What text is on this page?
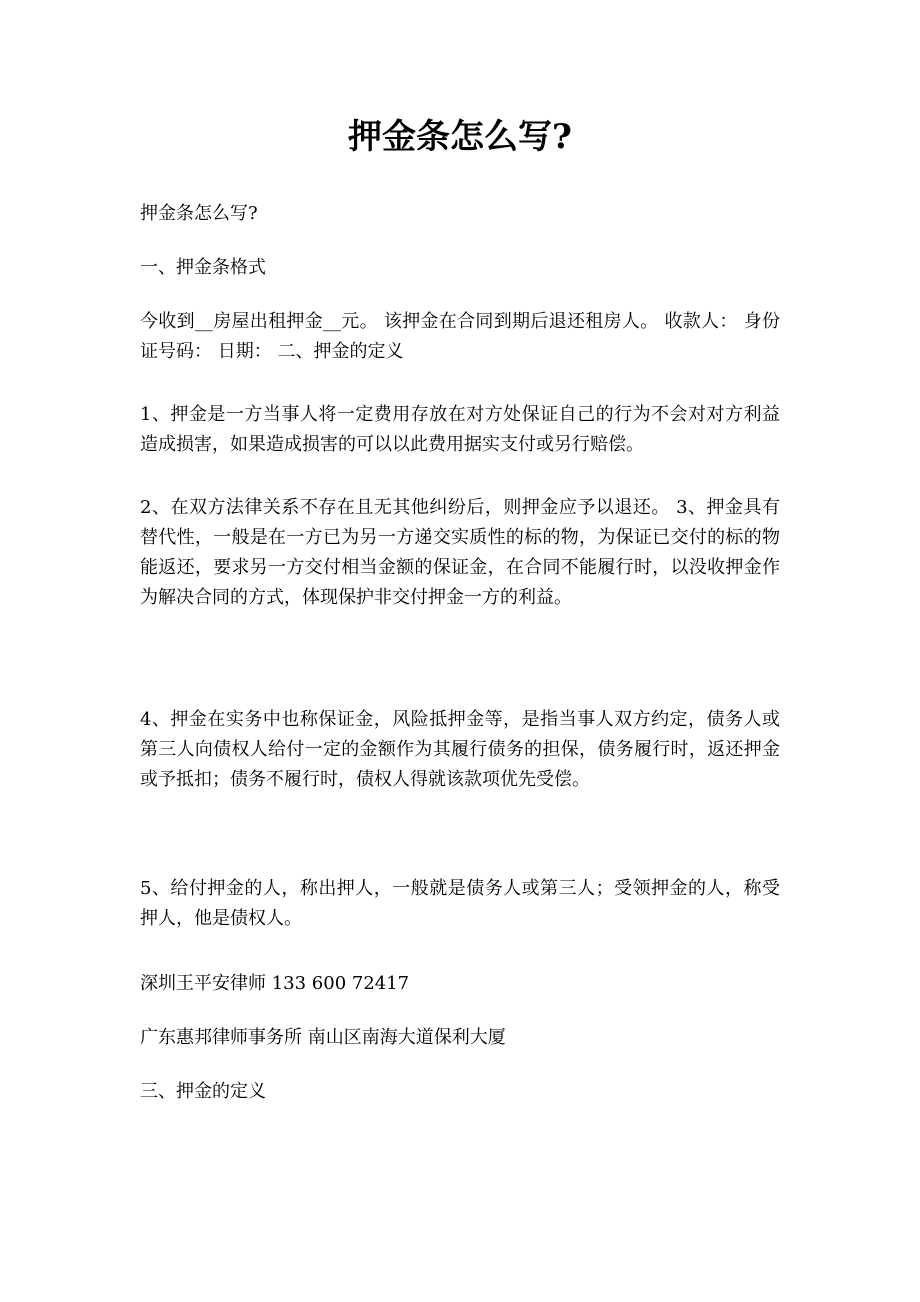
押金条怎么写?

押金条怎么写?

一、押金条格式

今收到__房屋出租押金__元。 该押金在合同到期后退还租房人。 收款人： 身份证号码： 日期： 二、押金的定义

1、押金是一方当事人将一定费用存放在对方处保证自己的行为不会对对方利益造成损害，如果造成损害的可以以此费用据实支付或另行赔偿。

2、在双方法律关系不存在且无其他纠纷后，则押金应予以退还。 3、押金具有替代性，一般是在一方已为另一方递交实质性的标的物，为保证已交付的标的物能返还，要求另一方交付相当金额的保证金，在合同不能履行时，以没收押金作为解决合同的方式，体现保护非交付押金一方的利益。

4、押金在实务中也称保证金，风险抵押金等，是指当事人双方约定，债务人或第三人向债权人给付一定的金额作为其履行债务的担保，债务履行时，返还押金或予抵扣；债务不履行时，债权人得就该款项优先受偿。

5、给付押金的人，称出押人，一般就是债务人或第三人；受领押金的人，称受押人，他是债权人。

深圳王平安律师 133 600 72417

广东惠邦律师事务所 南山区南海大道保利大厦

三、押金的定义
